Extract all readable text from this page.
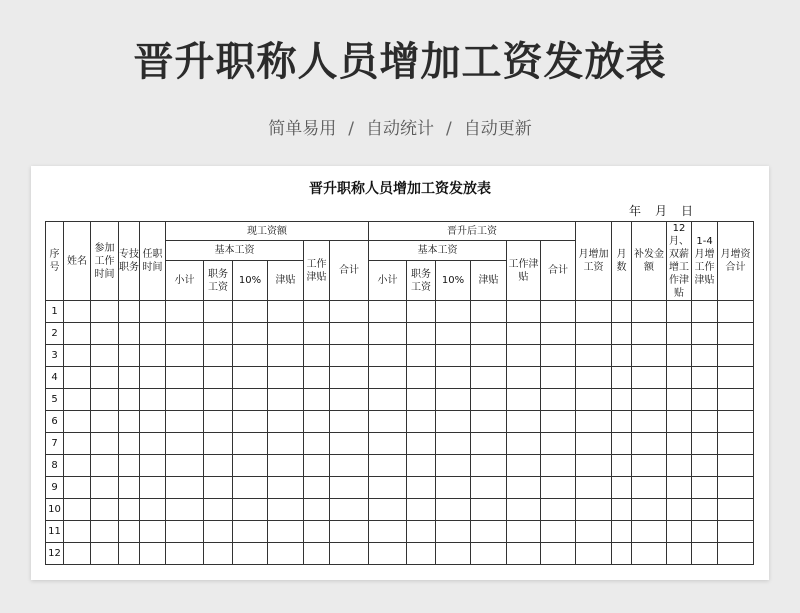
晋升职称人员增加工资发放表
简单易用 / 自动统计 / 自动更新
晋升职称人员增加工资发放表
年 月 日
序号	姓名	参加工作时间	专技职务	任职时间	现工资额						晋升后工资						月增加工资	月数	补发金额	12月、双薪增工作津贴	1-4月增工作津贴	月增资合计
					基本工资				工作津贴	合计	基本工资				工作津贴	合计						
					小计	职务工资	10%	津贴			小计	职务工资	10%	津贴								
1																						
2																						
3																						
4																						
5																						
6																						
7																						
8																						
9																						
10																						
11																						
12																						
